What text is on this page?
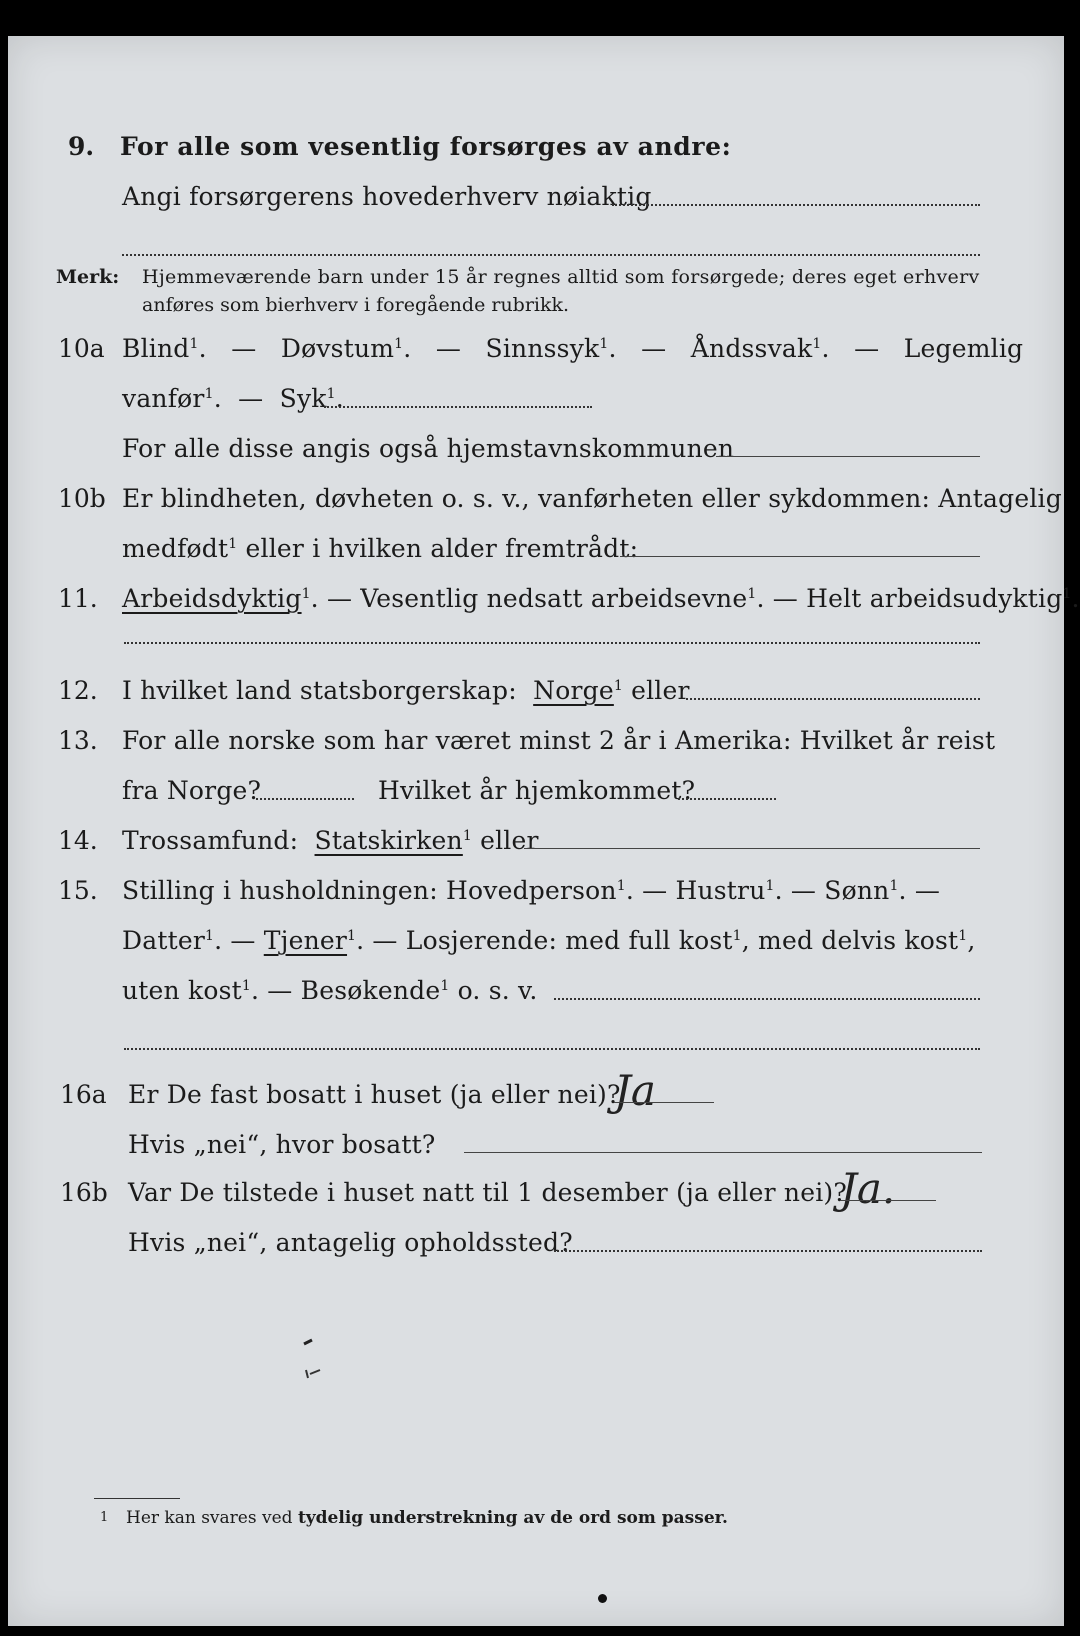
9. For alle som vesentlig forsørges av andre:
Angi forsørgerens hovederhverv nøiaktig
Merk: Hjemmeværende barn under 15 år regnes alltid som forsørgede; deres eget erhverv
anføres som bierhverv i foregående rubrikk.
10a Blind$^1$. — Døvstum$^1$. — Sinnssyk$^1$. — Åndssvak$^1$. — Legemlig
vanfør$^1$. — Syk$^1$.
For alle disse angis også hjemstavnskommunen
10b Er blindheten, døvheten o. s. v., vanførheten eller sykdommen: Antagelig
medfødt$^1$ eller i hvilken alder fremtrådt:
11. Arbeidsdyktig$^1$. — Vesentlig nedsatt arbeidsevne$^1$. — Helt arbeidsudyktig$^1$.
12. I hvilket land statsborgerskap: Norge$^1$ eller
13. For alle norske som har været minst 2 år i Amerika: Hvilket år reist
fra Norge?	Hvilket år hjemkommet?
14. Trossamfund: Statskirken$^1$ eller
15. Stilling i husholdningen: Hovedperson$^1$. — Hustru$^1$. — Sønn$^1$. —
Datter$^1$. — Tjener$^1$. — Losjerende: med full kost$^1$, med delvis kost$^1$,
uten kost$^1$. — Besøkende$^1$ o. s. v.
16a Er De fast bosatt i huset (ja eller nei)?
Ja
Hvis „nei“, hvor bosatt?
16b Var De tilstede i huset natt til 1 desember (ja eller nei)?
Ja.
Hvis „nei“, antagelig opholdssted?
1 Her kan svares ved tydelig understrekning av de ord som passer.
